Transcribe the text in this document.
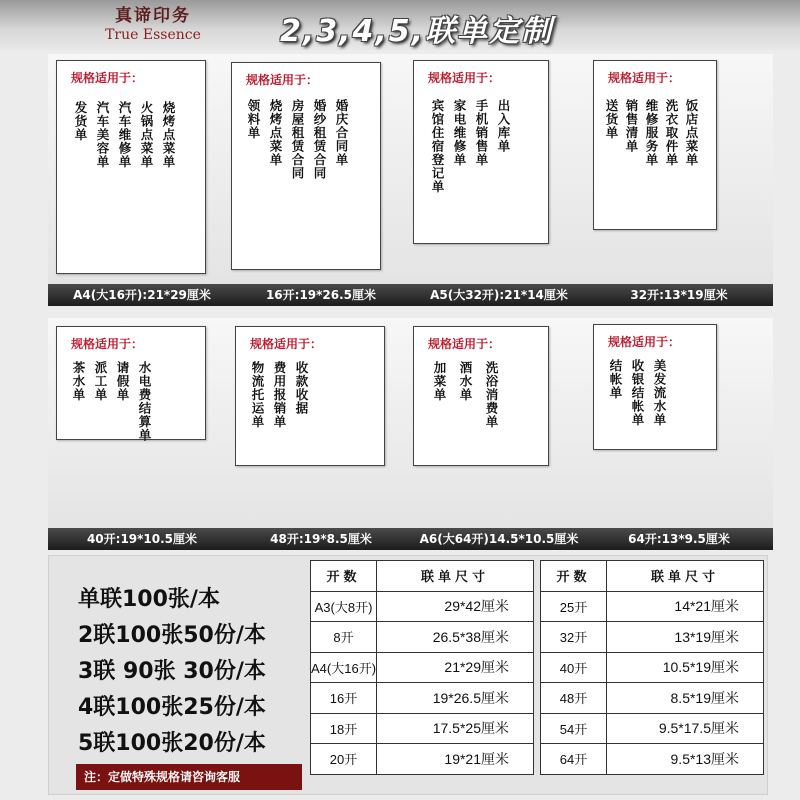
真谛印务
True Essence	2,3,4,5,联单定制
规格适用于：
发货单 汽车美容单 汽车维修单 火锅点菜单 烧烤点菜单
A4(大16开):21*29厘米
规格适用于：
领料单 烧烤点菜单 房屋租赁合同 婚纱租赁合同 婚庆合同单
16开:19*26.5厘米
规格适用于：
宾馆住宿登记单 家电维修单 手机销售单 出入库单
A5(大32开):21*14厘米
规格适用于：
送货单 销售清单 维修服务单 洗衣取件单 饭店点菜单
32开:13*19厘米
规格适用于：
茶水单 派工单 请假单 水电费结算单
40开:19*10.5厘米
规格适用于：
物流托运单 费用报销单 收款收据
48开:19*8.5厘米
规格适用于：
加菜单 酒水单 洗浴消费单
A6(大64开)14.5*10.5厘米
规格适用于：
结帐单 收银结帐单 美发流水单
64开:13*9.5厘米
单联100张/本
2联100张50份/本
3联 90张 30份/本
4联100张25份/本
5联100张20份/本
注：定做特殊规格请咨询客服
开数	联单尺寸
A3(大8开)	29*42厘米
8开	26.5*38厘米
A4(大16开)	21*29厘米
16开	19*26.5厘米
18开	17.5*25厘米
20开	19*21厘米
开数	联单尺寸
25开	14*21厘米
32开	13*19厘米
40开	10.5*19厘米
48开	8.5*19厘米
54开	9.5*17.5厘米
64开	9.5*13厘米
